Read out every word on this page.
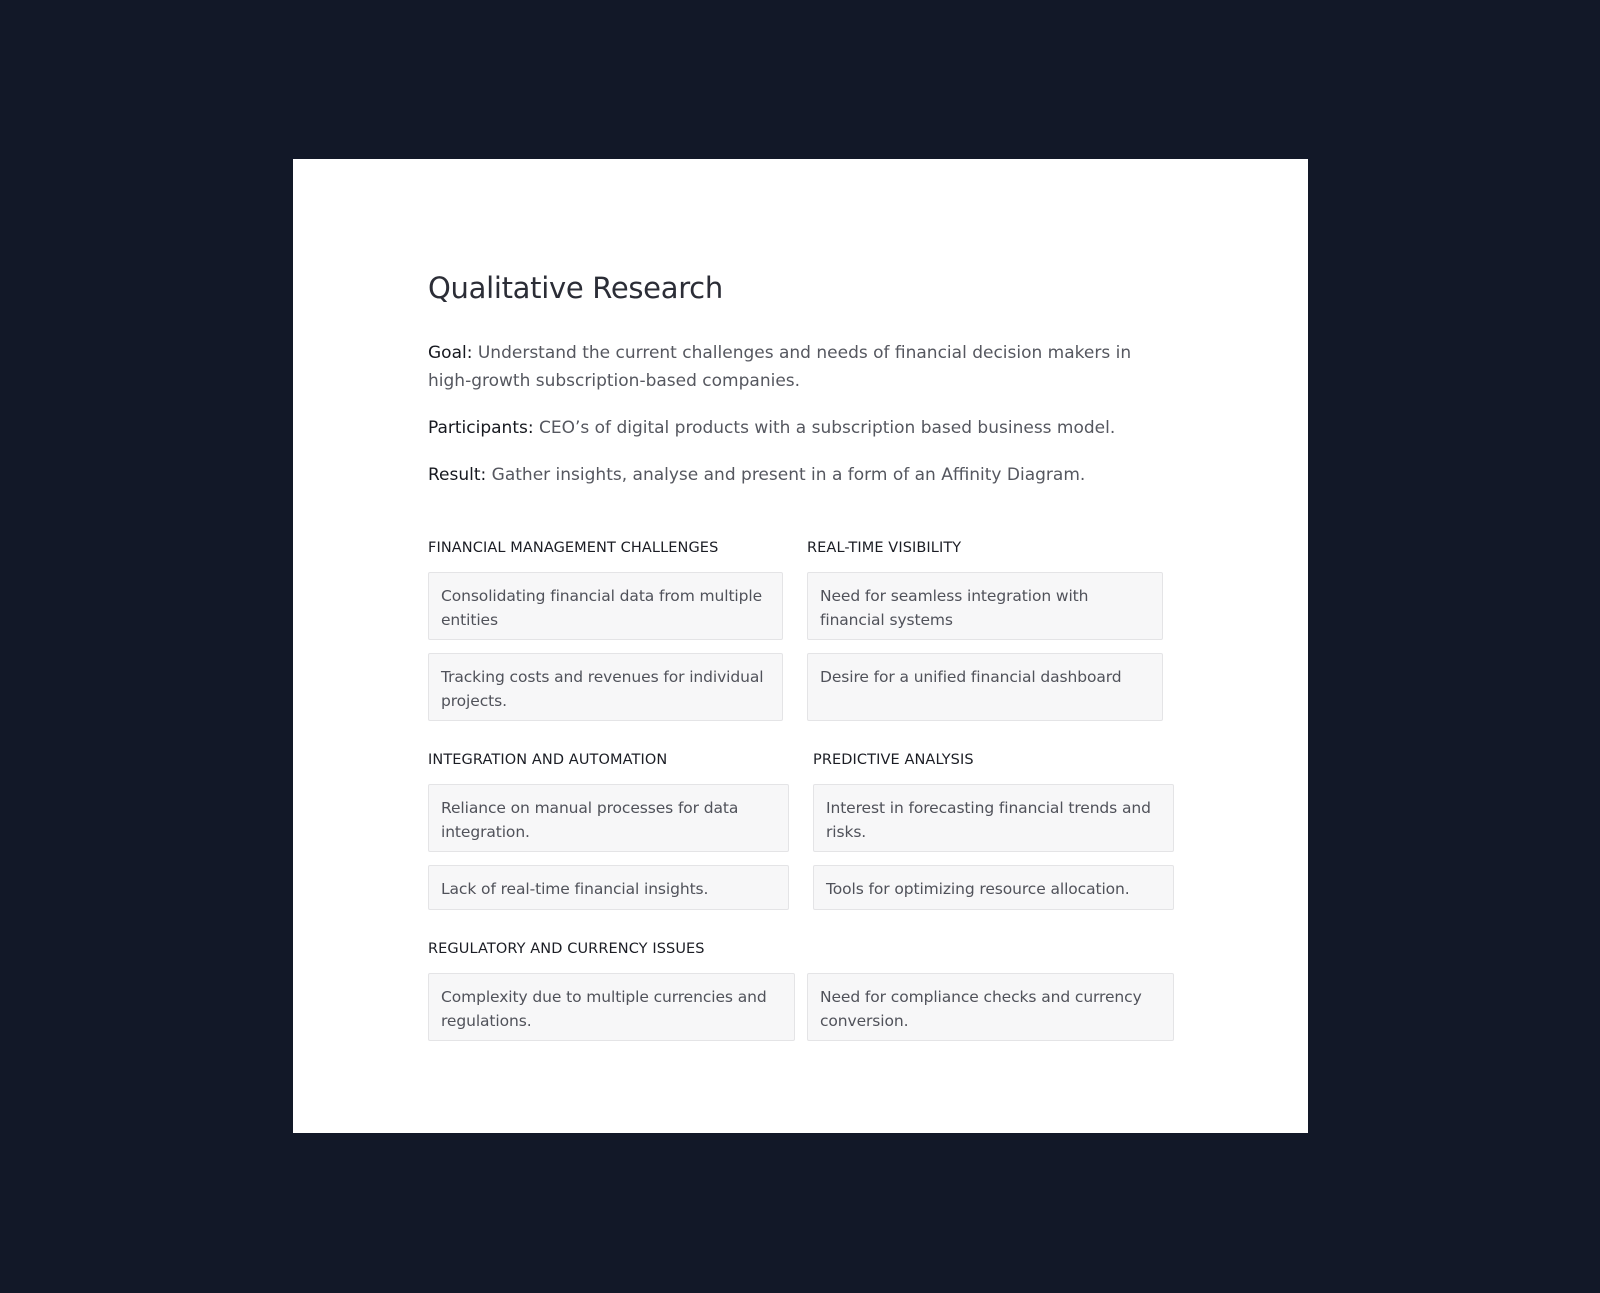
Qualitative Research

Goal: Understand the current challenges and needs of financial decision makers in high-growth subscription-based companies.

Participants: CEO’s of digital products with a subscription based business model.

Result: Gather insights, analyse and present in a form of an Affinity Diagram.

FINANCIAL MANAGEMENT CHALLENGES
Consolidating financial data from multiple entities
Tracking costs and revenues for individual projects.
REAL-TIME VISIBILITY
Need for seamless integration with financial systems
Desire for a unified financial dashboard
INTEGRATION AND AUTOMATION
Reliance on manual processes for data integration.
Lack of real-time financial insights.
PREDICTIVE ANALYSIS
Interest in forecasting financial trends and risks.
Tools for optimizing resource allocation.
REGULATORY AND CURRENCY ISSUES
Complexity due to multiple currencies and regulations.
Need for compliance checks and currency conversion.
